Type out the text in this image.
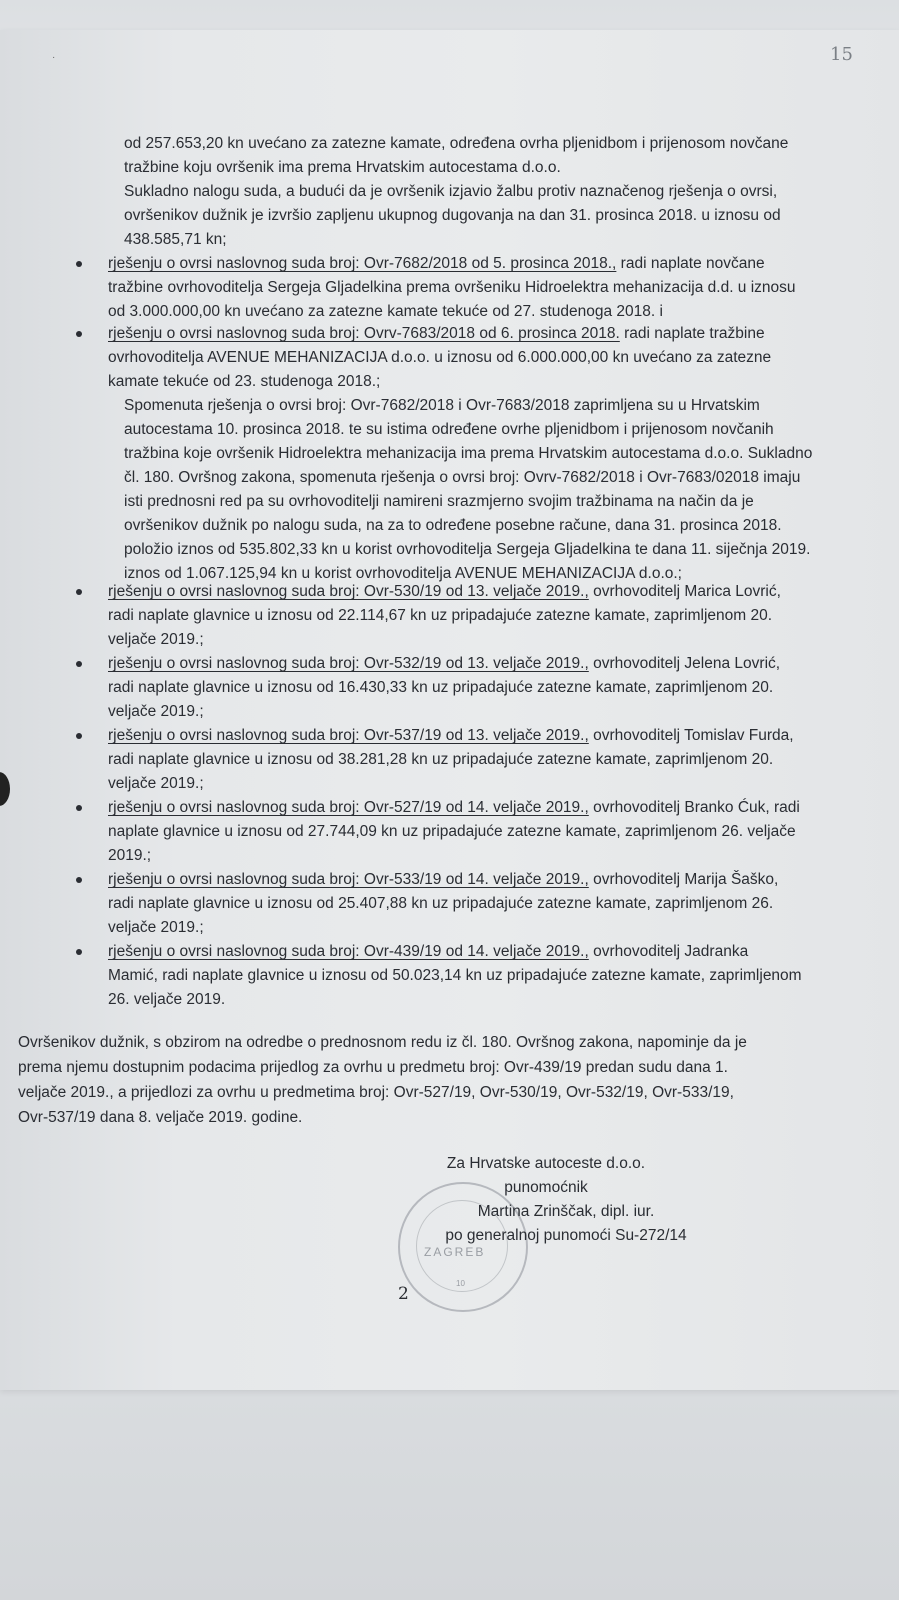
·	15

od 257.653,20 kn uvećano za zatezne kamate, određena ovrha pljenidbom i prijenosom novčane

tražbine koju ovršenik ima prema Hrvatskim autocestama d.o.o.

Sukladno nalogu suda, a budući da je ovršenik izjavio žalbu protiv naznačenog rješenja o ovrsi,

ovršenikov dužnik je izvršio zapljenu ukupnog dugovanja na dan 31. prosinca 2018. u iznosu od

438.585,71 kn;

rješenju o ovrsi naslovnog suda broj: Ovr-7682/2018 od 5. prosinca 2018., radi naplate novčane

tražbine ovrhovoditelja Sergeja Gljadelkina prema ovršeniku Hidroelektra mehanizacija d.d. u iznosu

od 3.000.000,00 kn uvećano za zatezne kamate tekuće od 27. studenoga 2018. i

rješenju o ovrsi naslovnog suda broj: Ovrv-7683/2018 od 6. prosinca 2018. radi naplate tražbine

ovrhovoditelja AVENUE MEHANIZACIJA d.o.o. u iznosu od 6.000.000,00 kn uvećano za zatezne

kamate tekuće od 23. studenoga 2018.;

Spomenuta rješenja o ovrsi broj: Ovr-7682/2018 i Ovr-7683/2018 zaprimljena su u Hrvatskim

autocestama 10. prosinca 2018. te su istima određene ovrhe pljenidbom i prijenosom novčanih

tražbina koje ovršenik Hidroelektra mehanizacija ima prema Hrvatskim autocestama d.o.o. Sukladno

čl. 180. Ovršnog zakona, spomenuta rješenja o ovrsi broj: Ovrv-7682/2018 i Ovr-7683/02018 imaju

isti prednosni red pa su ovrhovoditelji namireni srazmjerno svojim tražbinama na način da je

ovršenikov dužnik po nalogu suda, na za to određene posebne račune, dana 31. prosinca 2018.

položio iznos od 535.802,33 kn u korist ovrhovoditelja Sergeja Gljadelkina te dana 11. siječnja 2019.

iznos od 1.067.125,94 kn u korist ovrhovoditelja AVENUE MEHANIZACIJA d.o.o.;

rješenju o ovrsi naslovnog suda broj: Ovr-530/19 od 13. veljače 2019., ovrhovoditelj Marica Lovrić,

radi naplate glavnice u iznosu od 22.114,67 kn uz pripadajuće zatezne kamate, zaprimljenom 20.

veljače 2019.;

rješenju o ovrsi naslovnog suda broj: Ovr-532/19 od 13. veljače 2019., ovrhovoditelj Jelena Lovrić,

radi naplate glavnice u iznosu od 16.430,33 kn uz pripadajuće zatezne kamate, zaprimljenom 20.

veljače 2019.;

rješenju o ovrsi naslovnog suda broj: Ovr-537/19 od 13. veljače 2019., ovrhovoditelj Tomislav Furda,

radi naplate glavnice u iznosu od 38.281,28 kn uz pripadajuće zatezne kamate, zaprimljenom 20.

veljače 2019.;

rješenju o ovrsi naslovnog suda broj: Ovr-527/19 od 14. veljače 2019., ovrhovoditelj Branko Ćuk, radi

naplate glavnice u iznosu od 27.744,09 kn uz pripadajuće zatezne kamate, zaprimljenom 26. veljače

2019.;

rješenju o ovrsi naslovnog suda broj: Ovr-533/19 od 14. veljače 2019., ovrhovoditelj Marija Šaško,

radi naplate glavnice u iznosu od 25.407,88 kn uz pripadajuće zatezne kamate, zaprimljenom 26.

veljače 2019.;

rješenju o ovrsi naslovnog suda broj: Ovr-439/19 od 14. veljače 2019., ovrhovoditelj Jadranka

Mamić, radi naplate glavnice u iznosu od 50.023,14 kn uz pripadajuće zatezne kamate, zaprimljenom

26. veljače 2019.

Ovršenikov dužnik, s obzirom na odredbe o prednosnom redu iz čl. 180. Ovršnog zakona, napominje da je

prema njemu dostupnim podacima prijedlog za ovrhu u predmetu broj: Ovr-439/19 predan sudu dana 1.

veljače 2019., a prijedlozi za ovrhu u predmetima broj: Ovr-527/19, Ovr-530/19, Ovr-532/19, Ovr-533/19,

Ovr-537/19 dana 8. veljače 2019. godine.

ZAGREB
10
Za Hrvatske autoceste d.o.o.
punomoćnik
Martina Zrinščak, dipl. iur.
po generalnoj punomoći Su-272/14
2
